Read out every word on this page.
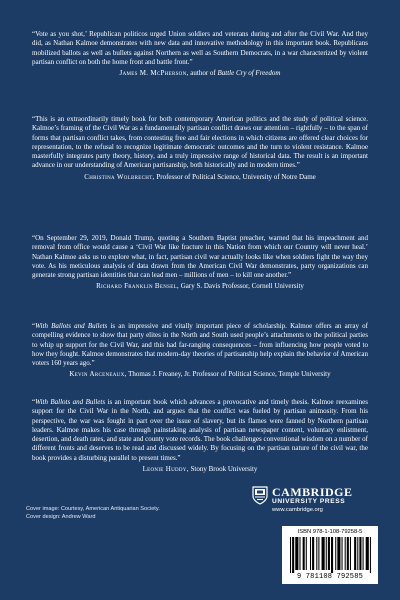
“Vote as you shot,’ Republican politicos urged Union soldiers and veterans during and after the Civil War. And they did, as Nathan Kalmoe demonstrates with new data and innovative methodology in this important book. Republicans mobilized ballots as well as bullets against Northern as well as Southern Democrats, in a war characterized by violent partisan conflict on both the home front and battle front.”

James M. McPherson, author of Battle Cry of Freedom

“This is an extraordinarily timely book for both contemporary American politics and the study of political science. Kalmoe’s framing of the Civil War as a fundamentally partisan conflict draws our attention – rightfully – to the span of forms that partisan conflict takes, from contesting free and fair elections in which citizens are offered clear choices for representation, to the refusal to recognize legitimate democratic outcomes and the turn to violent resistance. Kalmoe masterfully integrates party theory, history, and a truly impressive range of historical data. The result is an important advance in our understanding of American partisanship, both historically and in modern times.”

Christina Wolbrecht, Professor of Political Science, University of Notre Dame

“On September 29, 2019, Donald Trump, quoting a Southern Baptist preacher, warned that his impeachment and removal from office would cause a ‘Civil War like fracture in this Nation from which our Country will never heal.’ Nathan Kalmoe asks us to explore what, in fact, partisan civil war actually looks like when soldiers fight the way they vote. As his meticulous analysis of data drawn from the American Civil War demonstrates, party organizations can generate strong partisan identities that can lead men – millions of men – to kill one another.”

Richard Franklin Bensel, Gary S. Davis Professor, Cornell University

“With Ballots and Bullets is an impressive and vitally important piece of scholarship. Kalmoe offers an array of compelling evidence to show that party elites in the North and South used people’s attachments to the political parties to whip up support for the Civil War, and this had far-ranging consequences – from influencing how people voted to how they fought. Kalmoe demonstrates that modern-day theories of partisanship help explain the behavior of American voters 160 years ago.”

Kevin Arceneaux, Thomas J. Freaney, Jr. Professor of Political Science, Temple University

“With Ballots and Bullets is an important book which advances a provocative and timely thesis. Kalmoe reexamines support for the Civil War in the North, and argues that the conflict was fueled by partisan animosity. From his perspective, the war was fought in part over the issue of slavery, but its flames were fanned by Northern partisan leaders. Kalmoe makes his case through painstaking analysis of partisan newspaper content, voluntary enlistment, desertion, and death rates, and state and county vote records. The book challenges conventional wisdom on a number of different fronts and deserves to be read and discussed widely. By focusing on the partisan nature of the civil war, the book provides a disturbing parallel to present times.”

Leonie Huddy, Stony Brook University

Cover image: Courtesy, American Antiquarian Society.
Cover design: Andrew Ward

CAMBRIDGE

UNIVERSITY PRESS

www.cambridge.org

ISBN 978-1-108-79258-5
9 781108 792585
